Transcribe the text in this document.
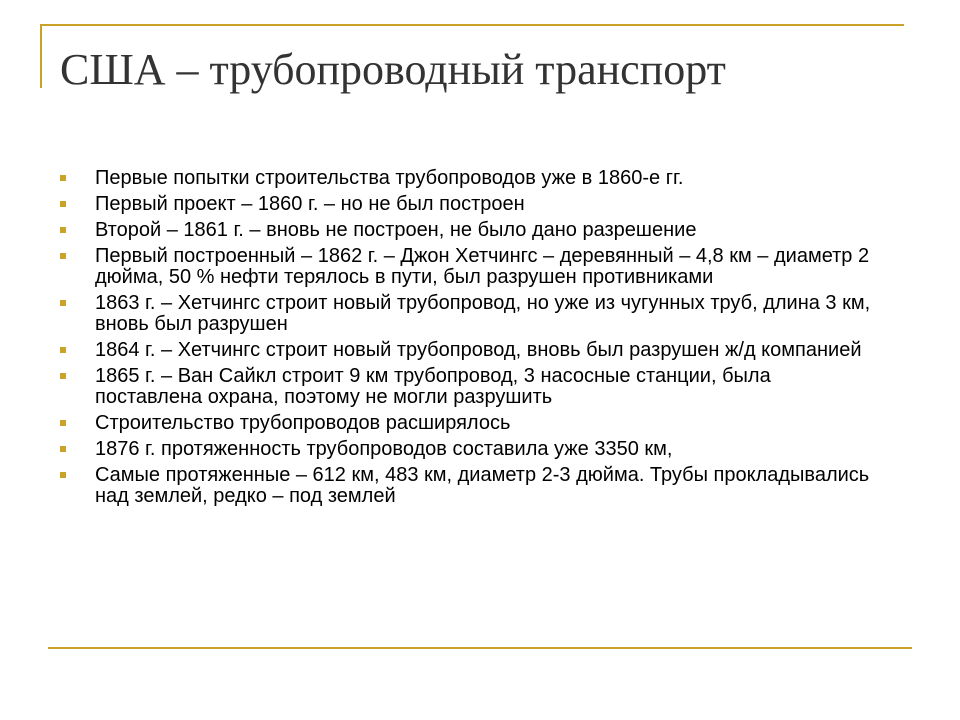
США – трубопроводный транспорт
Первые попытки строительства трубопроводов уже в 1860-е гг.
Первый проект – 1860 г. – но не был построен
Второй – 1861 г. – вновь не построен, не было дано разрешение
Первый построенный – 1862 г. – Джон Хетчингс – деревянный – 4,8 км – диаметр 2 дюйма, 50 % нефти терялось в пути, был разрушен противниками
1863 г. – Хетчингс строит новый трубопровод, но уже из чугунных труб, длина 3 км, вновь был разрушен
1864 г. – Хетчингс строит новый трубопровод, вновь был разрушен ж/д компанией
1865 г. – Ван Сайкл строит 9 км трубопровод, 3 насосные станции, была поставлена охрана, поэтому не могли разрушить
Строительство трубопроводов расширялось
1876 г. протяженность трубопроводов составила уже 3350 км,
Самые протяженные – 612 км, 483 км, диаметр 2-3 дюйма. Трубы прокладывались над землей, редко – под землей
